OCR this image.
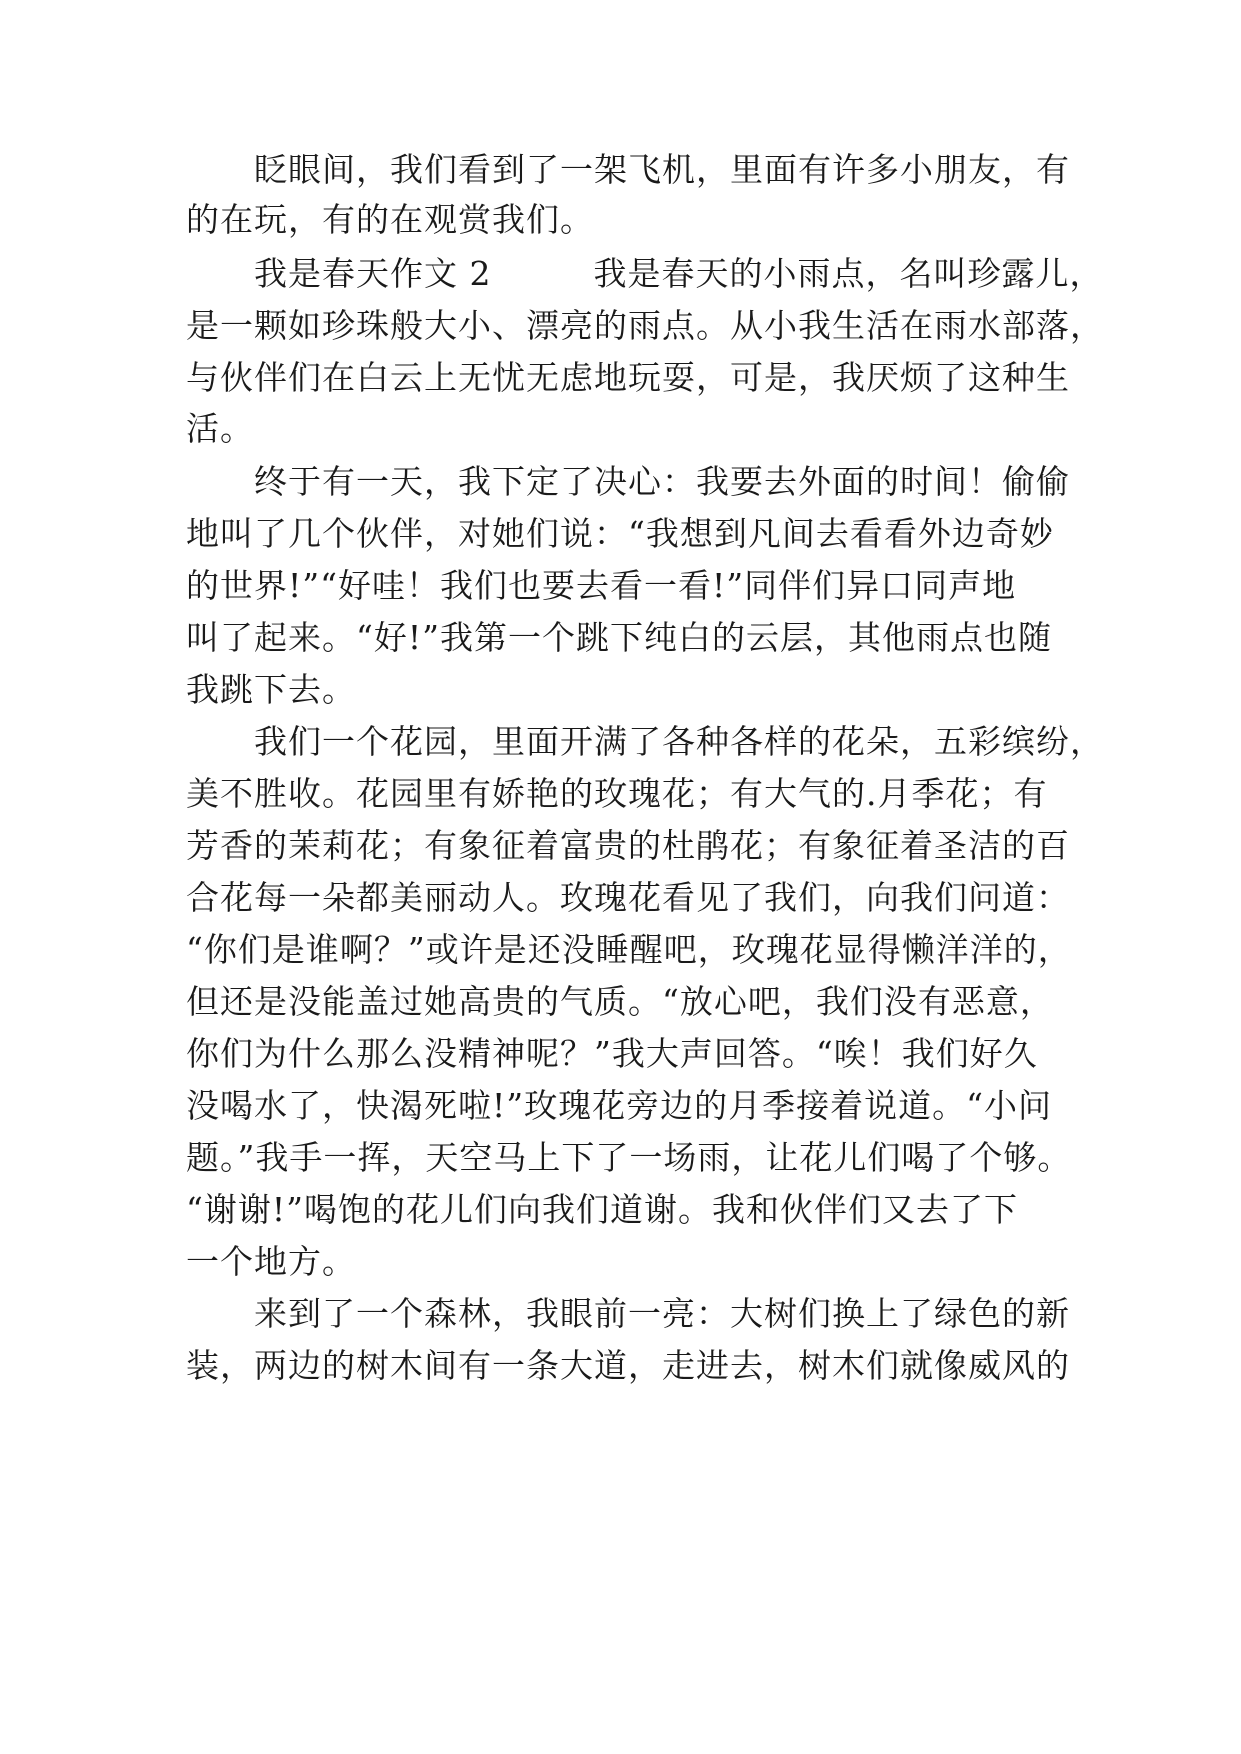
眨眼间，我们看到了一架飞机，里面有许多小朋友，有
的在玩，有的在观赏我们。
我是春天作文 2　　　我是春天的小雨点，名叫珍露儿，
是一颗如珍珠般大小、漂亮的雨点。从小我生活在雨水部落，
与伙伴们在白云上无忧无虑地玩耍，可是，我厌烦了这种生
活。
终于有一天，我下定了决心：我要去外面的时间！偷偷
地叫了几个伙伴，对她们说：“我想到凡间去看看外边奇妙
的世界!”“好哇！我们也要去看一看!”同伴们异口同声地
叫了起来。“好!”我第一个跳下纯白的云层，其他雨点也随
我跳下去。
我们一个花园，里面开满了各种各样的花朵，五彩缤纷，
美不胜收。花园里有娇艳的玫瑰花；有大气的.月季花；有
芳香的茉莉花；有象征着富贵的杜鹃花；有象征着圣洁的百
合花每一朵都美丽动人。玫瑰花看见了我们，向我们问道：
“你们是谁啊？”或许是还没睡醒吧，玫瑰花显得懒洋洋的，
但还是没能盖过她高贵的气质。“放心吧，我们没有恶意，
你们为什么那么没精神呢？”我大声回答。“唉！我们好久
没喝水了，快渴死啦!”玫瑰花旁边的月季接着说道。“小问
题。”我手一挥，天空马上下了一场雨，让花儿们喝了个够。
“谢谢!”喝饱的花儿们向我们道谢。我和伙伴们又去了下
一个地方。
来到了一个森林，我眼前一亮：大树们换上了绿色的新
装，两边的树木间有一条大道，走进去，树木们就像威风的
